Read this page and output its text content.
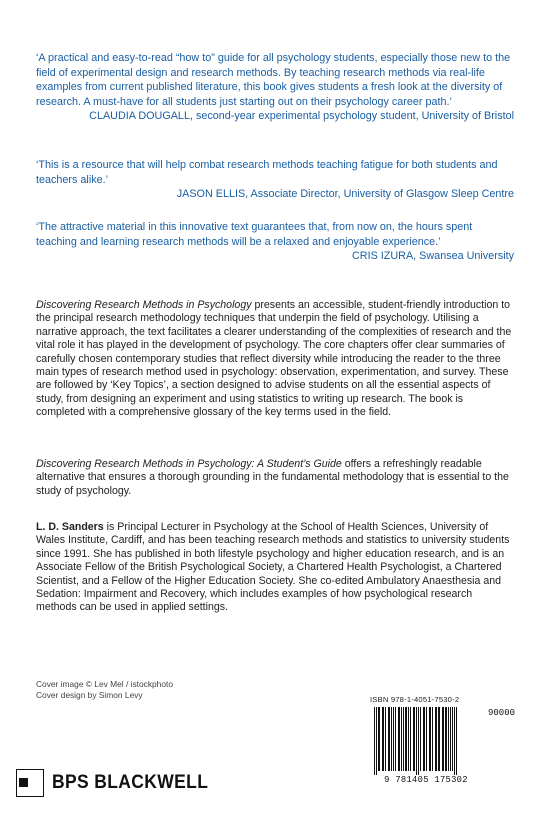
‘A practical and easy-to-read “how to” guide for all psychology students, especially those new to the field of experimental design and research methods. By teaching research methods via real-life examples from current published literature, this book gives students a fresh look at the diversity of research. A must-have for all students just starting out on their psychology career path.’
CLAUDIA DOUGALL, second-year experimental psychology student, University of Bristol
‘This is a resource that will help combat research methods teaching fatigue for both students and teachers alike.’
JASON ELLIS, Associate Director, University of Glasgow Sleep Centre
‘The attractive material in this innovative text guarantees that, from now on, the hours spent teaching and learning research methods will be a relaxed and enjoyable experience.’
CRIS IZURA, Swansea University
Discovering Research Methods in Psychology presents an accessible, student-friendly introduction to the principal research methodology techniques that underpin the field of psychology. Utilising a narrative approach, the text facilitates a clearer understanding of the complexities of research and the vital role it has played in the development of psychology. The core chapters offer clear summaries of carefully chosen contemporary studies that reflect diversity while introducing the reader to the three main types of research method used in psychology: observation, experimentation, and survey. These are followed by ‘Key Topics’, a section designed to advise students on all the essential aspects of study, from designing an experiment and using statistics to writing up research. The book is completed with a comprehensive glossary of the key terms used in the field.
Discovering Research Methods in Psychology: A Student’s Guide offers a refreshingly readable alternative that ensures a thorough grounding in the fundamental methodology that is essential to the study of psychology.
L. D. Sanders is Principal Lecturer in Psychology at the School of Health Sciences, University of Wales Institute, Cardiff, and has been teaching research methods and statistics to university students since 1991. She has published in both lifestyle psychology and higher education research, and is an Associate Fellow of the British Psychological Society, a Chartered Health Psychologist, a Chartered Scientist, and a Fellow of the Higher Education Society. She co-edited Ambulatory Anaesthesia and Sedation: Impairment and Recovery, which includes examples of how psychological research methods can be used in applied settings.
Cover image © Lev Mel / istockphoto
Cover design by Simon Levy	ISBN 978-1-4051-7530-2
90000
9 781405 175302
BPS BLACKWELL
